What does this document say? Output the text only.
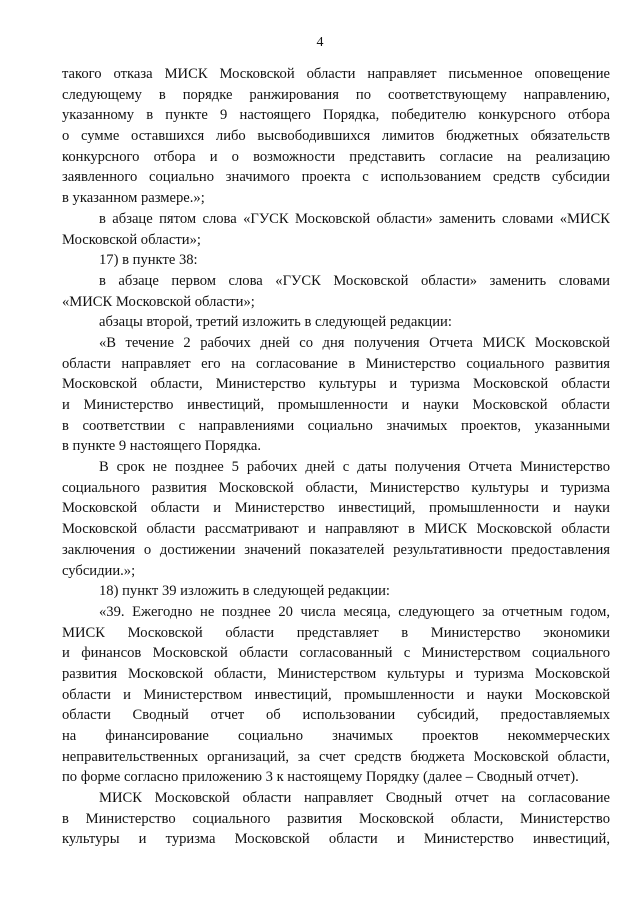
4
такого отказа МИСК Московской области направляет письменное оповещение
следующему в порядке ранжирования по соответствующему направлению,
указанному в пункте 9 настоящего Порядка, победителю конкурсного отбора
о сумме оставшихся либо высвободившихся лимитов бюджетных обязательств
конкурсного отбора и о возможности представить согласие на реализацию
заявленного социально значимого проекта с использованием средств субсидии
в указанном размере.»;
в абзаце пятом слова «ГУСК Московской области» заменить словами «МИСК
Московской области»;
17) в пункте 38:
в абзаце первом слова «ГУСК Московской области» заменить словами
«МИСК Московской области»;
абзацы второй, третий изложить в следующей редакции:
«В течение 2 рабочих дней со дня получения Отчета МИСК Московской
области направляет его на согласование в Министерство социального развития
Московской области, Министерство культуры и туризма Московской области
и Министерство инвестиций, промышленности и науки Московской области
в соответствии с направлениями социально значимых проектов, указанными
в пункте 9 настоящего Порядка.
В срок не позднее 5 рабочих дней с даты получения Отчета Министерство
социального развития Московской области, Министерство культуры и туризма
Московской области и Министерство инвестиций, промышленности и науки
Московской области рассматривают и направляют в МИСК Московской области
заключения о достижении значений показателей результативности предоставления
субсидии.»;
18) пункт 39 изложить в следующей редакции:
«39. Ежегодно не позднее 20 числа месяца, следующего за отчетным годом,
МИСК Московской области представляет в Министерство экономики
и финансов Московской области согласованный с Министерством социального
развития Московской области, Министерством культуры и туризма Московской
области и Министерством инвестиций, промышленности и науки Московской
области Сводный отчет об использовании субсидий, предоставляемых
на финансирование социально значимых проектов некоммерческих
неправительственных организаций, за счет средств бюджета Московской области,
по форме согласно приложению 3 к настоящему Порядку (далее – Сводный отчет).
МИСК Московской области направляет Сводный отчет на согласование
в Министерство социального развития Московской области, Министерство
культуры и туризма Московской области и Министерство инвестиций,
